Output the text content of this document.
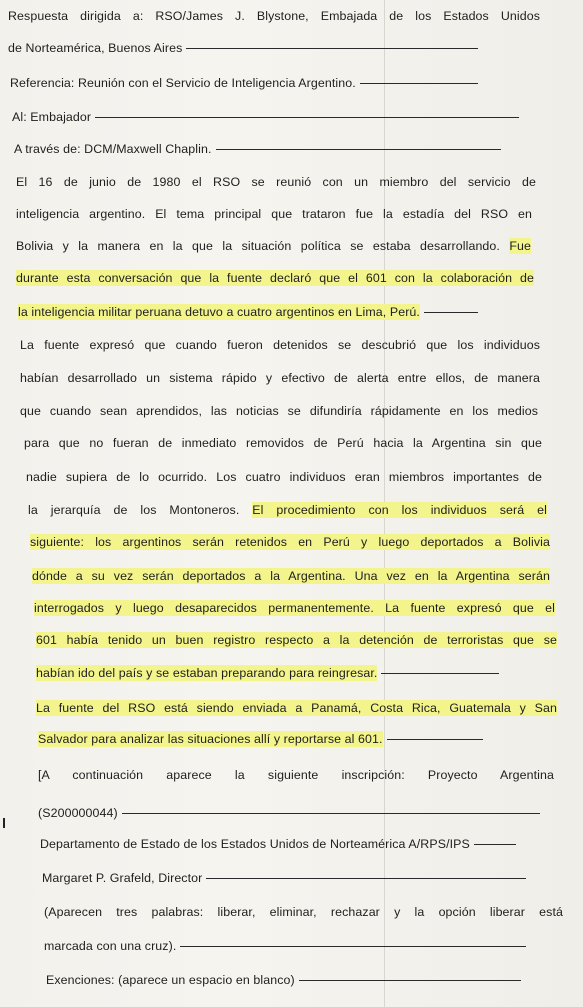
Respuesta dirigida a: RSO/James J. Blystone, Embajada de los Estados Unidos
de Norteamérica, Buenos Aires
Referencia: Reunión con el Servicio de Inteligencia Argentino.
Al: Embajador
A través de: DCM/Maxwell Chaplin.
El 16 de junio de 1980 el RSO se reunió con un miembro del servicio de
inteligencia argentino. El tema principal que trataron fue la estadía del RSO en
Bolivia y la manera en la que la situación política se estaba desarrollando. Fue
durante esta conversación que la fuente declaró que el 601 con la colaboración de
la inteligencia militar peruana detuvo a cuatro argentinos en Lima, Perú.
La fuente expresó que cuando fueron detenidos se descubrió que los individuos
habían desarrollado un sistema rápido y efectivo de alerta entre ellos, de manera
que cuando sean aprendidos, las noticias se difundiría rápidamente en los medios
para que no fueran de inmediato removidos de Perú hacia la Argentina sin que
nadie supiera de lo ocurrido. Los cuatro individuos eran miembros importantes de
la jerarquía de los Montoneros. El procedimiento con los individuos será el
siguiente: los argentinos serán retenidos en Perú y luego deportados a Bolivia
dónde a su vez serán deportados a la Argentina. Una vez en la Argentina serán
interrogados y luego desaparecidos permanentemente. La fuente expresó que el
601 había tenido un buen registro respecto a la detención de terroristas que se
habían ido del país y se estaban preparando para reingresar.
La fuente del RSO está siendo enviada a Panamá, Costa Rica, Guatemala y San
Salvador para analizar las situaciones allí y reportarse al 601.
[A continuación aparece la siguiente inscripción: Proyecto Argentina
(S200000044)
Departamento de Estado de los Estados Unidos de Norteamérica A/RPS/IPS
Margaret P. Grafeld, Director
(Aparecen tres palabras: liberar, eliminar, rechazar y la opción liberar está
marcada con una cruz).
Exenciones: (aparece un espacio en blanco)
